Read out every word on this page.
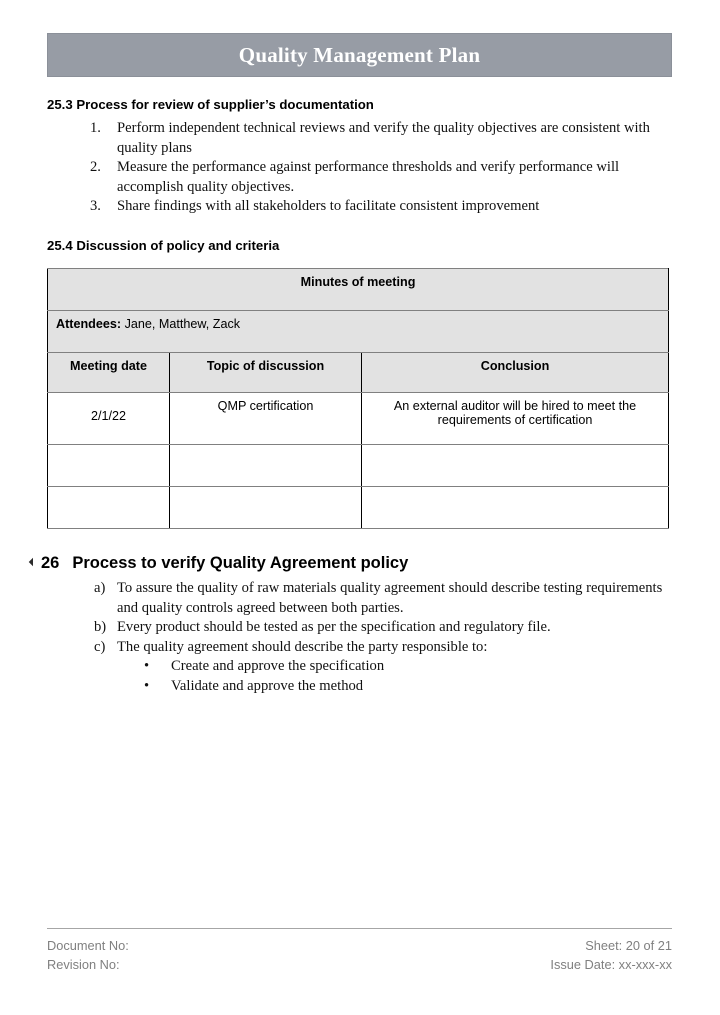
Quality Management Plan
25.3 Process for review of supplier’s documentation
1.	Perform independent technical reviews and verify the quality objectives are consistent with quality plans
2.	Measure the performance against performance thresholds and verify performance will accomplish quality objectives.
3.	Share findings with all stakeholders to facilitate consistent improvement
25.4 Discussion of policy and criteria
Minutes of meeting		
Attendees: Jane, Matthew, Zack		
Meeting date	Topic of discussion	Conclusion
2/1/22	QMP certification	An external auditor will be hired to meet the requirements of certification

26 Process to verify Quality Agreement policy
a) To assure the quality of raw materials quality agreement should describe testing requirements and quality controls agreed between both parties.
b) Every product should be tested as per the specification and regulatory file.
c) The quality agreement should describe the party responsible to:
• Create and approve the specification
• Validate and approve the method
Document No:
Revision No:
Sheet: 20 of 21
Issue Date: xx-xxx-xx
